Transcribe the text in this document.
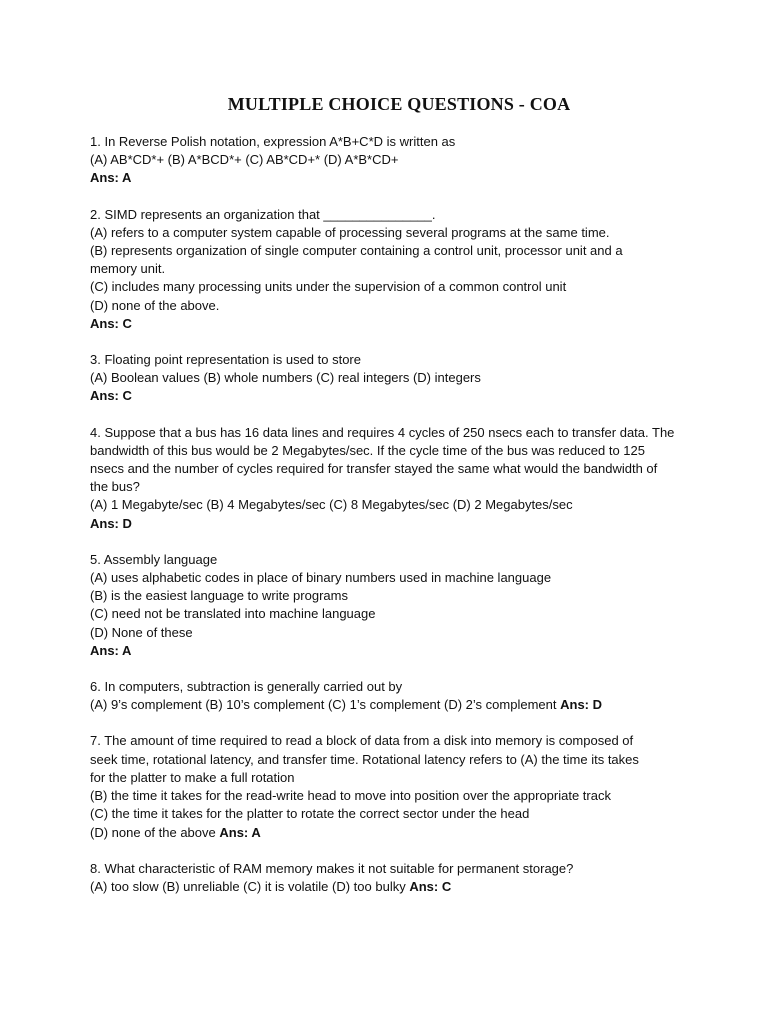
MULTIPLE CHOICE QUESTIONS - COA
1. In Reverse Polish notation, expression A*B+C*D is written as
(A) AB*CD*+ (B) A*BCD*+ (C) AB*CD+* (D) A*B*CD+
Ans: A
2. SIMD represents an organization that _______________.
(A) refers to a computer system capable of processing several programs at the same time.
(B) represents organization of single computer containing a control unit, processor unit and a
memory unit.
(C) includes many processing units under the supervision of a common control unit
(D) none of the above.
Ans: C
3. Floating point representation is used to store
(A) Boolean values (B) whole numbers (C) real integers (D) integers
Ans: C
4. Suppose that a bus has 16 data lines and requires 4 cycles of 250 nsecs each to transfer data. The
bandwidth of this bus would be 2 Megabytes/sec. If the cycle time of the bus was reduced to 125
nsecs and the number of cycles required for transfer stayed the same what would the bandwidth of
the bus?
(A) 1 Megabyte/sec (B) 4 Megabytes/sec (C) 8 Megabytes/sec (D) 2 Megabytes/sec
Ans: D
5. Assembly language
(A) uses alphabetic codes in place of binary numbers used in machine language
(B) is the easiest language to write programs
(C) need not be translated into machine language
(D) None of these
Ans: A
6. In computers, subtraction is generally carried out by
(A) 9’s complement (B) 10’s complement (C) 1’s complement (D) 2’s complement Ans: D
7. The amount of time required to read a block of data from a disk into memory is composed of
seek time, rotational latency, and transfer time. Rotational latency refers to (A) the time its takes
for the platter to make a full rotation
(B) the time it takes for the read-write head to move into position over the appropriate track
(C) the time it takes for the platter to rotate the correct sector under the head
(D) none of the above Ans: A
8. What characteristic of RAM memory makes it not suitable for permanent storage?
(A) too slow (B) unreliable (C) it is volatile (D) too bulky Ans: C
